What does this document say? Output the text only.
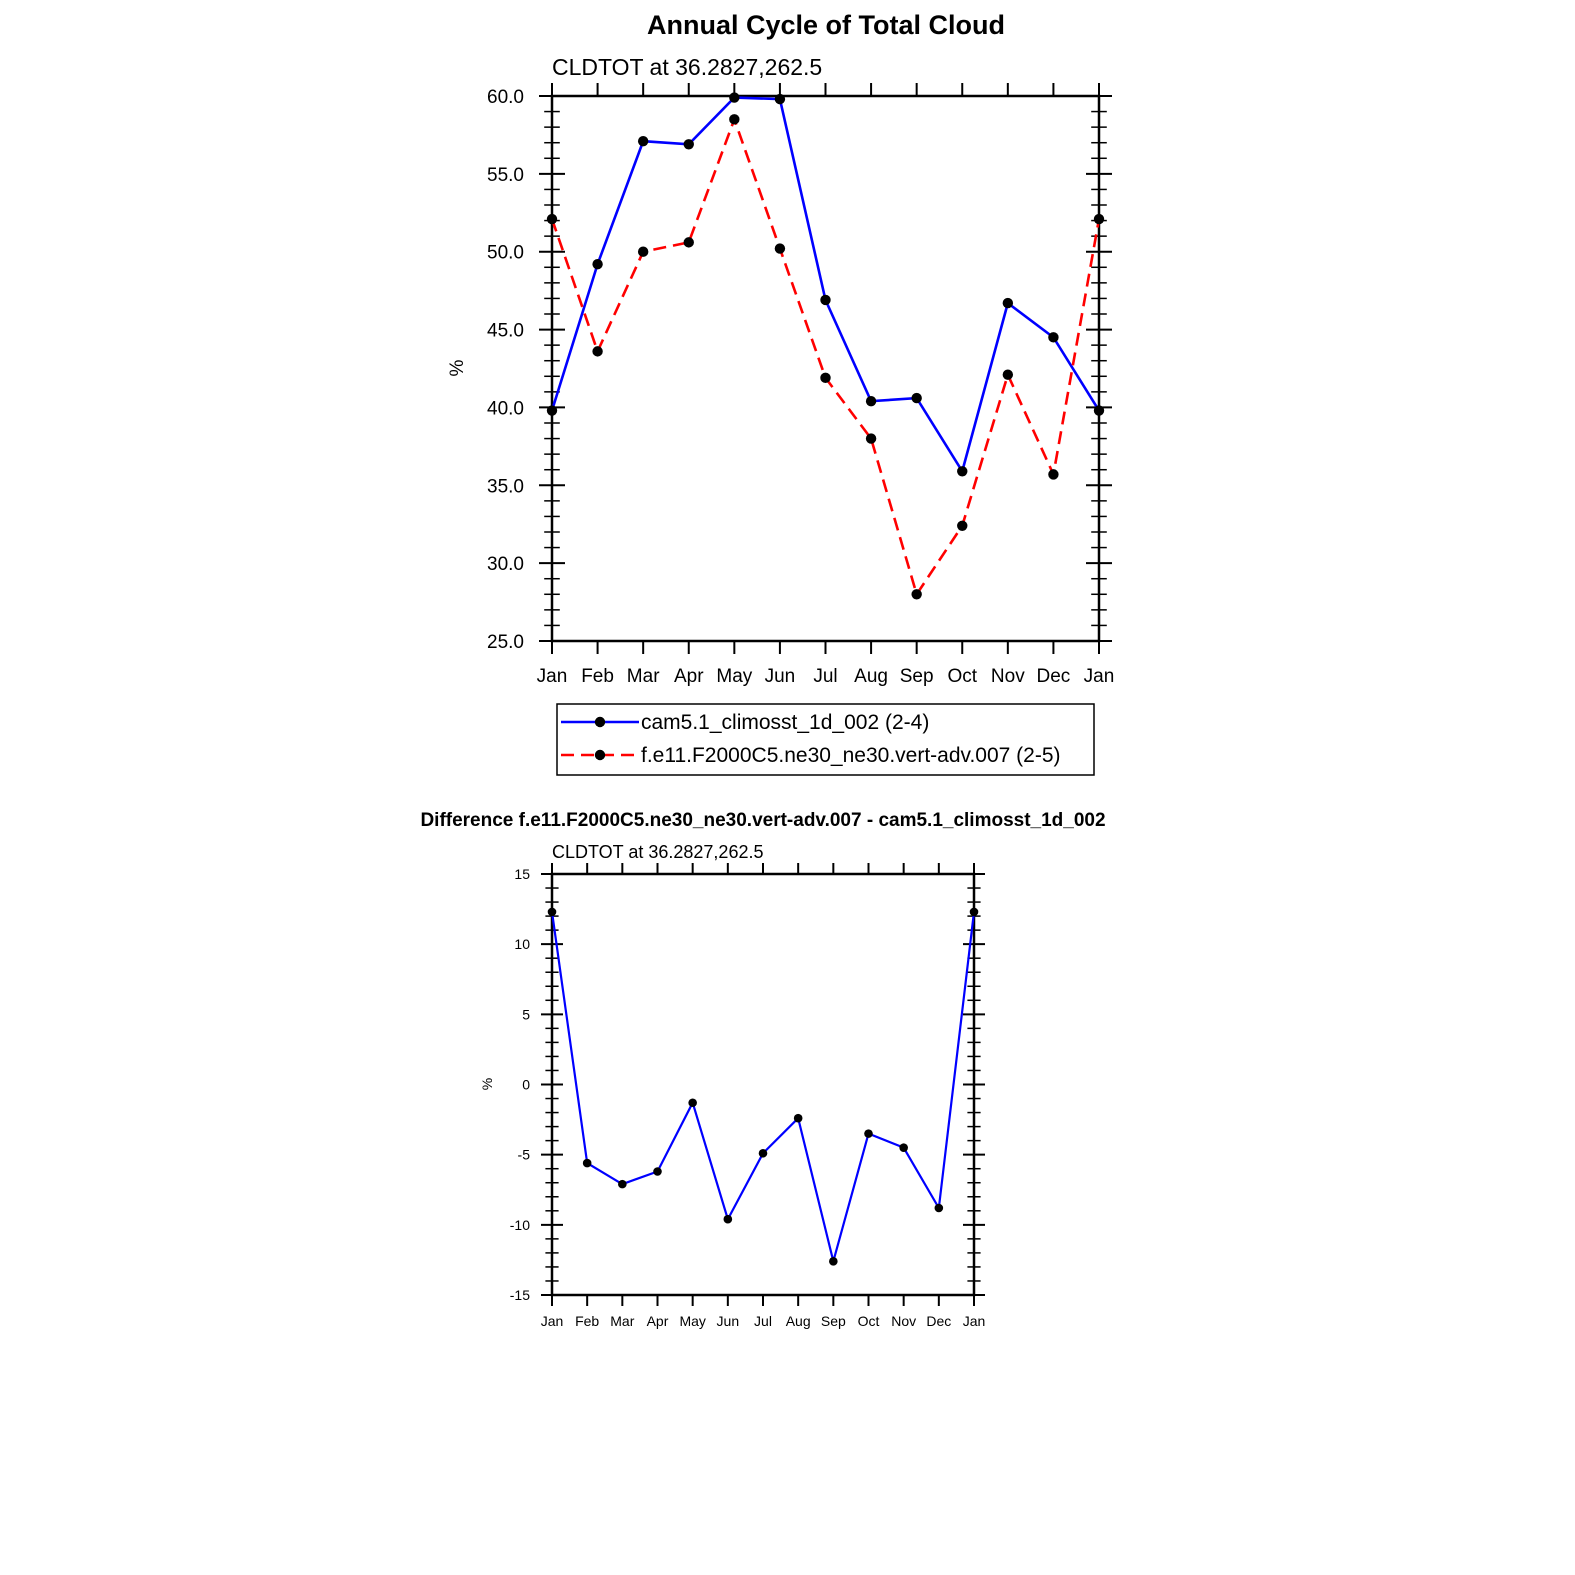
Annual Cycle of Total Cloud
CLDTOT at 36.2827,262.5
%
Jan Feb Mar Apr May Jun Jul Aug Sep Oct Nov Dec Jan
25.0
30.0
35.0
40.0
45.0
50.0
55.0
60.0
cam5.1_climosst_1d_002 (2-4)
f.e11.F2000C5.ne30_ne30.vert-adv.007 (2-5)
Difference f.e11.F2000C5.ne30_ne30.vert-adv.007 - cam5.1_climosst_1d_002
CLDTOT at 36.2827,262.5
%
Jan Feb Mar Apr May Jun Jul Aug Sep Oct Nov Dec Jan
-15
-10
-5
0
5
10
15
